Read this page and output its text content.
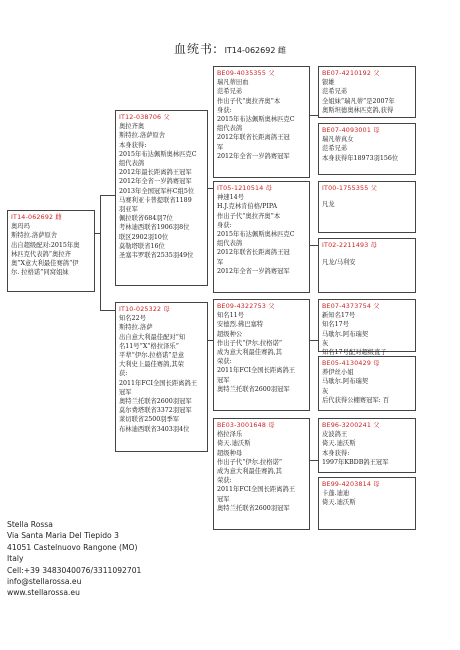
血统书: IT14-062692 雌
IT14-062692 雌
奥玛玛
斯特拉.洛萨原舍
出自超级配对:2015年奥
林匹克代表鸽“奥拉齐
奥”X意大利最佳赛鸽“伊
尔. 拉格诺”同窝姐妹
IT12-038706 父
奥拉齐奥
斯特拉.洛萨原舍
本身获得:
2015年布达佩斯奥林匹克C
组代表鸽
2012年最长距离鸽王冠军
2012年全省一岁鸽赛冠军
2013年全国冠军杯C组5位
马赛利亚卡普提联省1189
羽亚军
佩拉联省684羽7位
考林迪西联省1906羽8位
联区2902羽10位
莫勒塔联省16位
圣塞韦罗联省2535羽49位
IT10-025322 母
知名22号
斯特拉.洛萨
出自意大利最佳配对“知
名11号”X“格拉泽乐”
平辈“伊尔.拉格诺”是意
大利史上最佳赛鸽,其荣
获:
2011年FCI全国长距离鸽王
冠军
奥特兰托联省2600羽冠军
莫尔费塔联省3372羽冠军
莱切联省2500羽季军
布林迪西联省3403羽4位
BE09-4035355 父
瑞凡蒂田血
范希兄弟
作出子代“奥拉齐奥”本
身获:
2015年布达佩斯奥林匹克C
组代表鸽
2012年联省长距离鸽王冠
军
2012年全省一岁鸽赛冠军
IT05-1210514 母
神速14号
H.J.克林肯伯格/PIPA
作出子代“奥拉齐奥”本
身获:
2015年布达佩斯奥林匹克C
组代表鸽
2012年联省长距离鸽王冠
军
2012年全省一岁鸽赛冠军
BE09-4322753 父
知名11号
安德烈.佛巴塞特
超级种公
作出子代“伊尔.拉格诺”
成为意大利最佳赛鸽,其
荣获:
2011年FCI全国长距离鸽王
冠军
奥特兰托联省2600羽冠军
BE03-3001648 母
格拉泽乐
倚天.迪沃斯
超级种母
作出子代“伊尔.拉格诺”
成为意大利最佳赛鸽,其
荣获:
2011年FCI全国长距离鸽王
冠军
奥特兰托联省2600羽冠军
BE07-4210192 父
银雄
范希兄弟
全姐妹“瑞凡蒂”是2007年
奥斯坦德奥林匹克鸽,获得
BE07-4093001 母
瑞凡蒂真女
范希兄弟
本身获得年18973羽156位
IT00-1755355 父
凡龙
IT02-2211493 母
凡龙/马利安
BE07-4373754 父
新知名17号
知名17号
马歇尔.阿布瑞契
灰
知名17号配对超级直子
BE05-4130429 母
养伊丝小姐
马歇尔.阿布瑞契
灰
后代获得公棚赛冠军: 百
BE96-3200241 父
皮波鸽王
倚天.迪沃斯
本身获得:
1997年KBDB鸽王冠军
BE99-4203814 母
卡蓬.迪迪
倚天.迪沃斯
Stella Rossa
Via Santa Maria Del Tiepido 3
41051 Castelnuovo Rangone (MO)
Italy
Cell:+39 3483040076/3311092701
info@stellarossa.eu
www.stellarossa.eu
